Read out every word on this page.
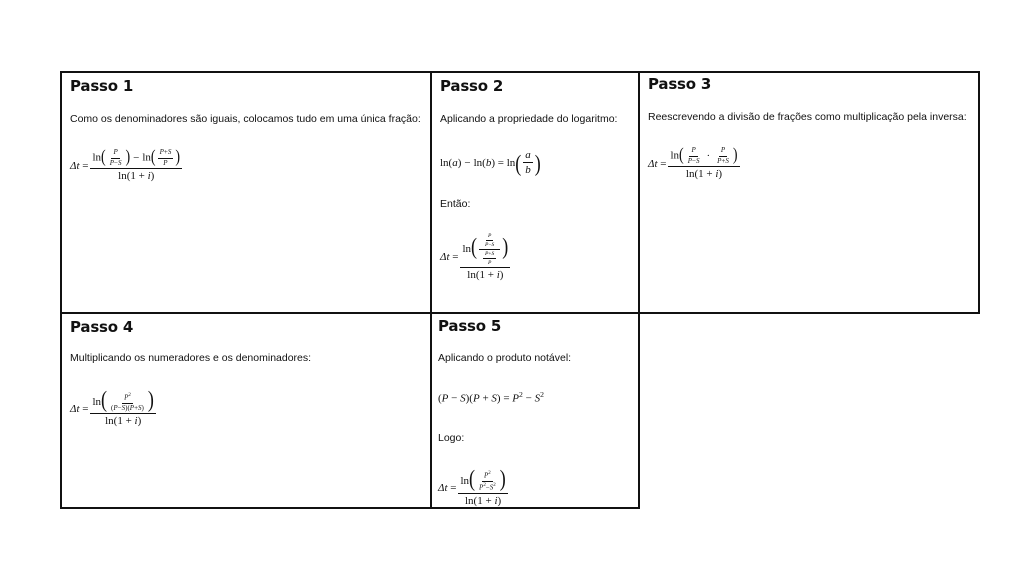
Passo 1
Como os denominadores são iguais, colocamos tudo em uma única fração:
$\Delta t = \frac{\ln( \frac{P}{P-S} ) - \ln( \frac{P+S}{P} )}{\ln(1 + i)}$
Passo 2
Aplicando a propriedade do logaritmo:
ln(a) − ln(b) = ln ( $\frac{a}{b}$ )
Então:
$\Delta t = \frac{\ln( \frac{\frac{P}{P-S}}{\frac{P+S}{P}} )}{\ln(1 + i)}$
Passo 3
Reescrevendo a divisão de frações como multiplicação pela inversa:
$\Delta t = \frac{\ln( \frac{P}{P-S} \cdot \frac{P}{P+S} )}{\ln(1 + i)}$
Passo 4
Multiplicando os numeradores e os denominadores:
$\Delta t = \frac{\ln( \frac{P^2}{(P-S)(P+S)} )}{\ln(1 + i)}$
Passo 5
Aplicando o produto notável:
$(P - S)(P + S) = P^2 - S^2$
Logo:
$\Delta t = \frac{\ln( \frac{P^2}{P^2-S^2} )}{\ln(1 + i)}$
